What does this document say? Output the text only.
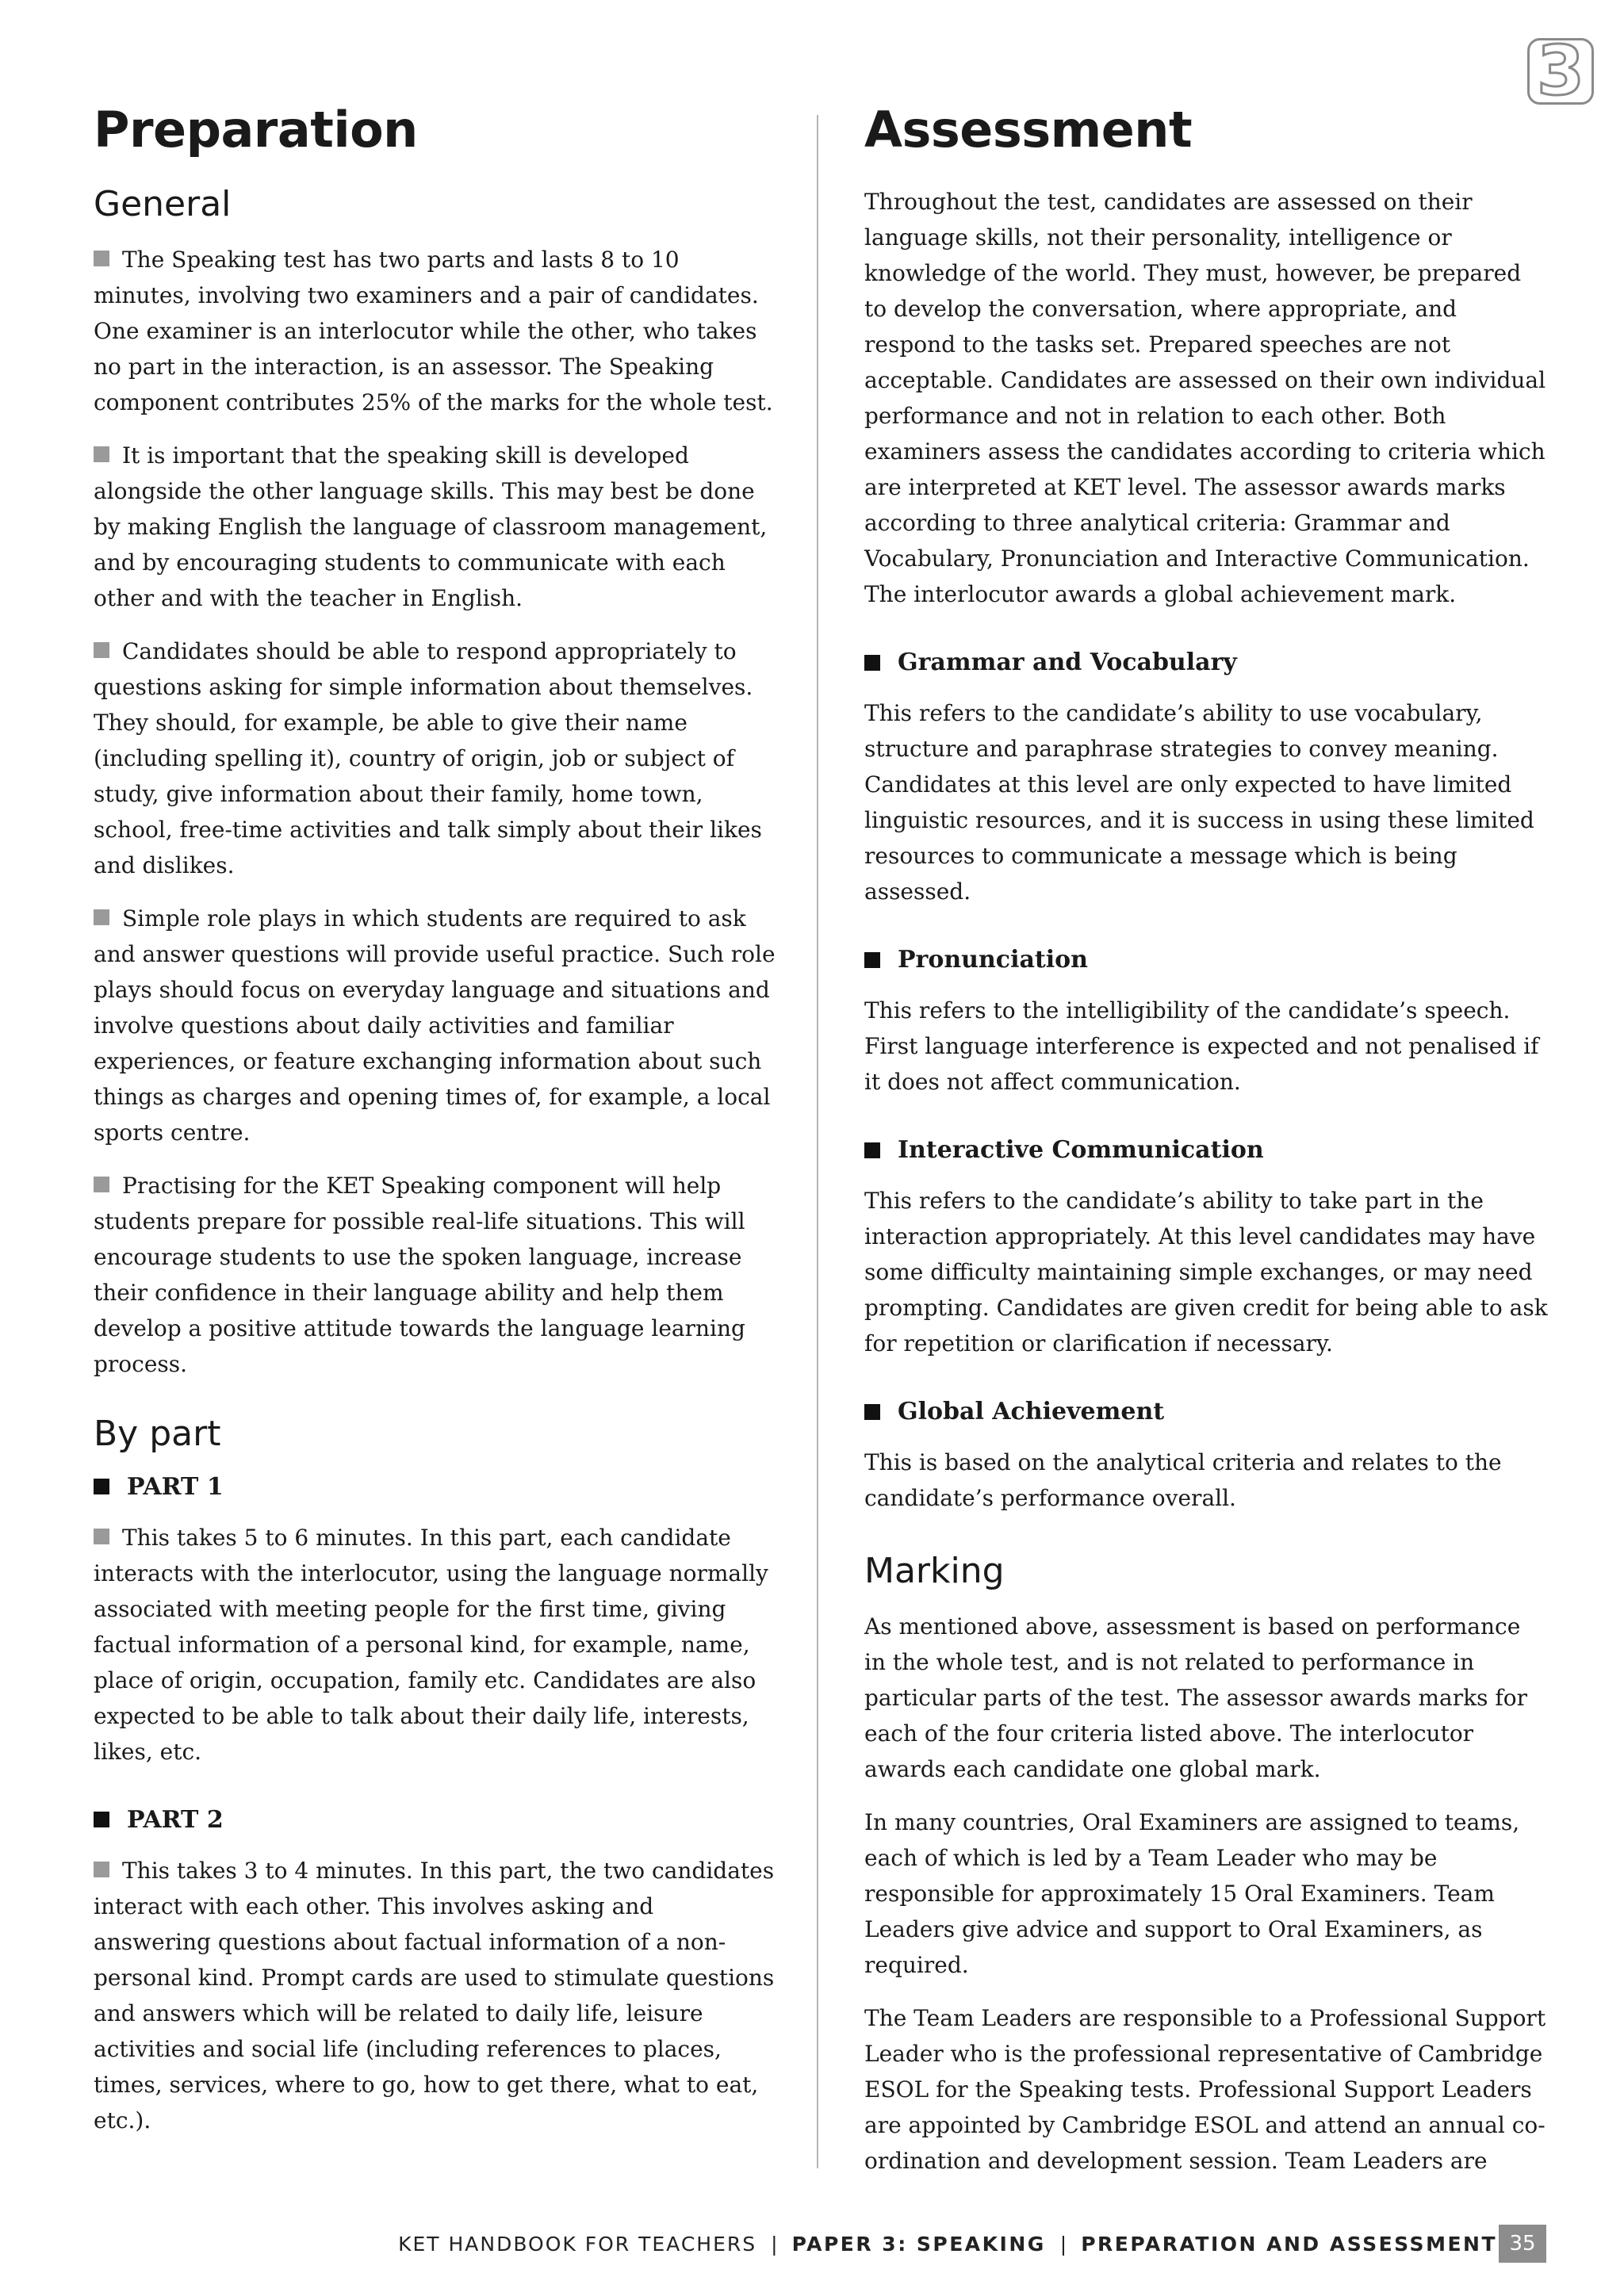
3
Preparation
General

The Speaking test has two parts and lasts 8 to 10 minutes, involving two examiners and a pair of candidates. One examiner is an interlocutor while the other, who takes no part in the interaction, is an assessor. The Speaking component contributes 25% of the marks for the whole test.

It is important that the speaking skill is developed alongside the other language skills. This may best be done by making English the language of classroom management, and by encouraging students to communicate with each other and with the teacher in English.

Candidates should be able to respond appropriately to questions asking for simple information about themselves. They should, for example, be able to give their name (including spelling it), country of origin, job or subject of study, give information about their family, home town, school, free-time activities and talk simply about their likes and dislikes.

Simple role plays in which students are required to ask and answer questions will provide useful practice. Such role plays should focus on everyday language and situations and involve questions about daily activities and familiar experiences, or feature exchanging information about such things as charges and opening times of, for example, a local sports centre.

Practising for the KET Speaking component will help students prepare for possible real-life situations. This will encourage students to use the spoken language, increase their confidence in their language ability and help them develop a positive attitude towards the language learning process.

By part
PART 1

This takes 5 to 6 minutes. In this part, each candidate interacts with the interlocutor, using the language normally associated with meeting people for the first time, giving factual information of a personal kind, for example, name, place of origin, occupation, family etc. Candidates are also expected to be able to talk about their daily life, interests, likes, etc.

PART 2

This takes 3 to 4 minutes. In this part, the two candidates interact with each other. This involves asking and answering questions about factual information of a non-personal kind. Prompt cards are used to stimulate questions and answers which will be related to daily life, leisure activities and social life (including references to places, times, services, where to go, how to get there, what to eat, etc.).

Assessment

Throughout the test, candidates are assessed on their language skills, not their personality, intelligence or knowledge of the world. They must, however, be prepared to develop the conversation, where appropriate, and respond to the tasks set. Prepared speeches are not acceptable. Candidates are assessed on their own individual performance and not in relation to each other. Both examiners assess the candidates according to criteria which are interpreted at KET level. The assessor awards marks according to three analytical criteria: Grammar and Vocabulary, Pronunciation and Interactive Communication. The interlocutor awards a global achievement mark.

Grammar and Vocabulary

This refers to the candidate’s ability to use vocabulary, structure and paraphrase strategies to convey meaning. Candidates at this level are only expected to have limited linguistic resources, and it is success in using these limited resources to communicate a message which is being assessed.

Pronunciation

This refers to the intelligibility of the candidate’s speech. First language interference is expected and not penalised if it does not affect communication.

Interactive Communication

This refers to the candidate’s ability to take part in the interaction appropriately. At this level candidates may have some difficulty maintaining simple exchanges, or may need prompting. Candidates are given credit for being able to ask for repetition or clarification if necessary.

Global Achievement

This is based on the analytical criteria and relates to the candidate’s performance overall.

Marking

As mentioned above, assessment is based on performance in the whole test, and is not related to performance in particular parts of the test. The assessor awards marks for each of the four criteria listed above. The interlocutor awards each candidate one global mark.

In many countries, Oral Examiners are assigned to teams, each of which is led by a Team Leader who may be responsible for approximately 15 Oral Examiners. Team Leaders give advice and support to Oral Examiners, as required.

The Team Leaders are responsible to a Professional Support Leader who is the professional representative of Cambridge ESOL for the Speaking tests. Professional Support Leaders are appointed by Cambridge ESOL and attend an annual co-ordination and development session. Team Leaders are

KET HANDBOOK FOR TEACHERS | PAPER 3: SPEAKING | PREPARATION AND ASSESSMENT 35
